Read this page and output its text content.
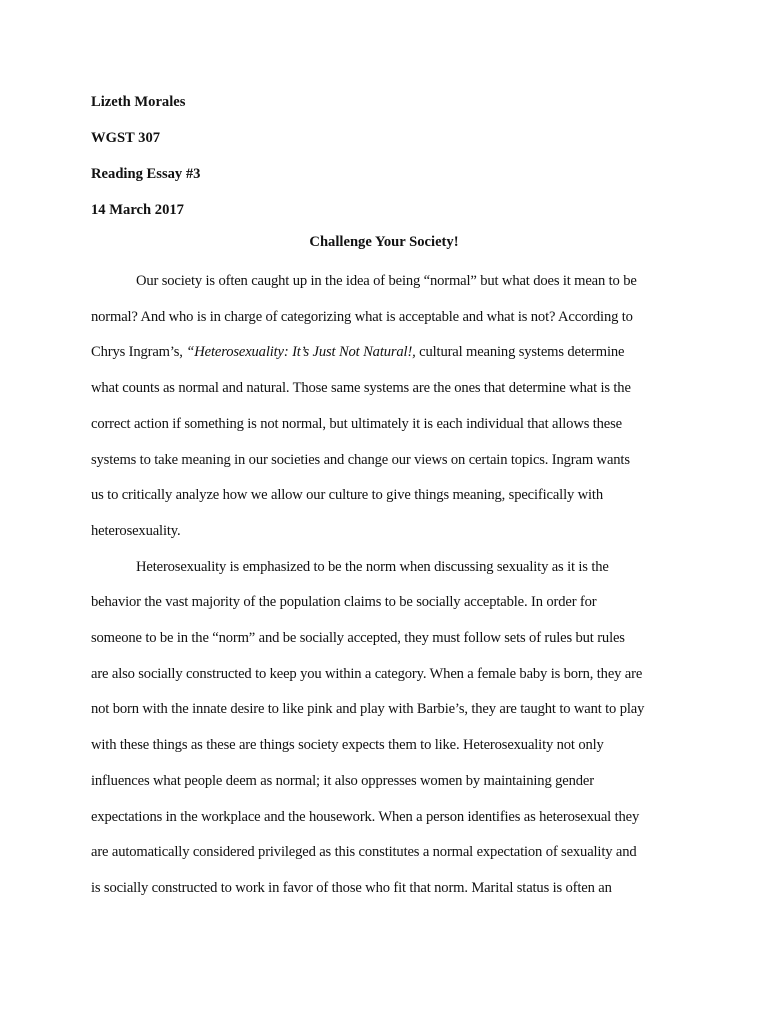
Lizeth Morales
WGST 307
Reading Essay #3
14 March 2017
Challenge Your Society!
Our society is often caught up in the idea of being “normal” but what does it mean to be
normal? And who is in charge of categorizing what is acceptable and what is not? According to
Chrys Ingram’s, “Heterosexuality: It’s Just Not Natural!, cultural meaning systems determine
what counts as normal and natural. Those same systems are the ones that determine what is the
correct action if something is not normal, but ultimately it is each individual that allows these
systems to take meaning in our societies and change our views on certain topics. Ingram wants
us to critically analyze how we allow our culture to give things meaning, specifically with
heterosexuality.
Heterosexuality is emphasized to be the norm when discussing sexuality as it is the
behavior the vast majority of the population claims to be socially acceptable. In order for
someone to be in the “norm” and be socially accepted, they must follow sets of rules but rules
are also socially constructed to keep you within a category. When a female baby is born, they are
not born with the innate desire to like pink and play with Barbie’s, they are taught to want to play
with these things as these are things society expects them to like. Heterosexuality not only
influences what people deem as normal; it also oppresses women by maintaining gender
expectations in the workplace and the housework. When a person identifies as heterosexual they
are automatically considered privileged as this constitutes a normal expectation of sexuality and
is socially constructed to work in favor of those who fit that norm. Marital status is often an
